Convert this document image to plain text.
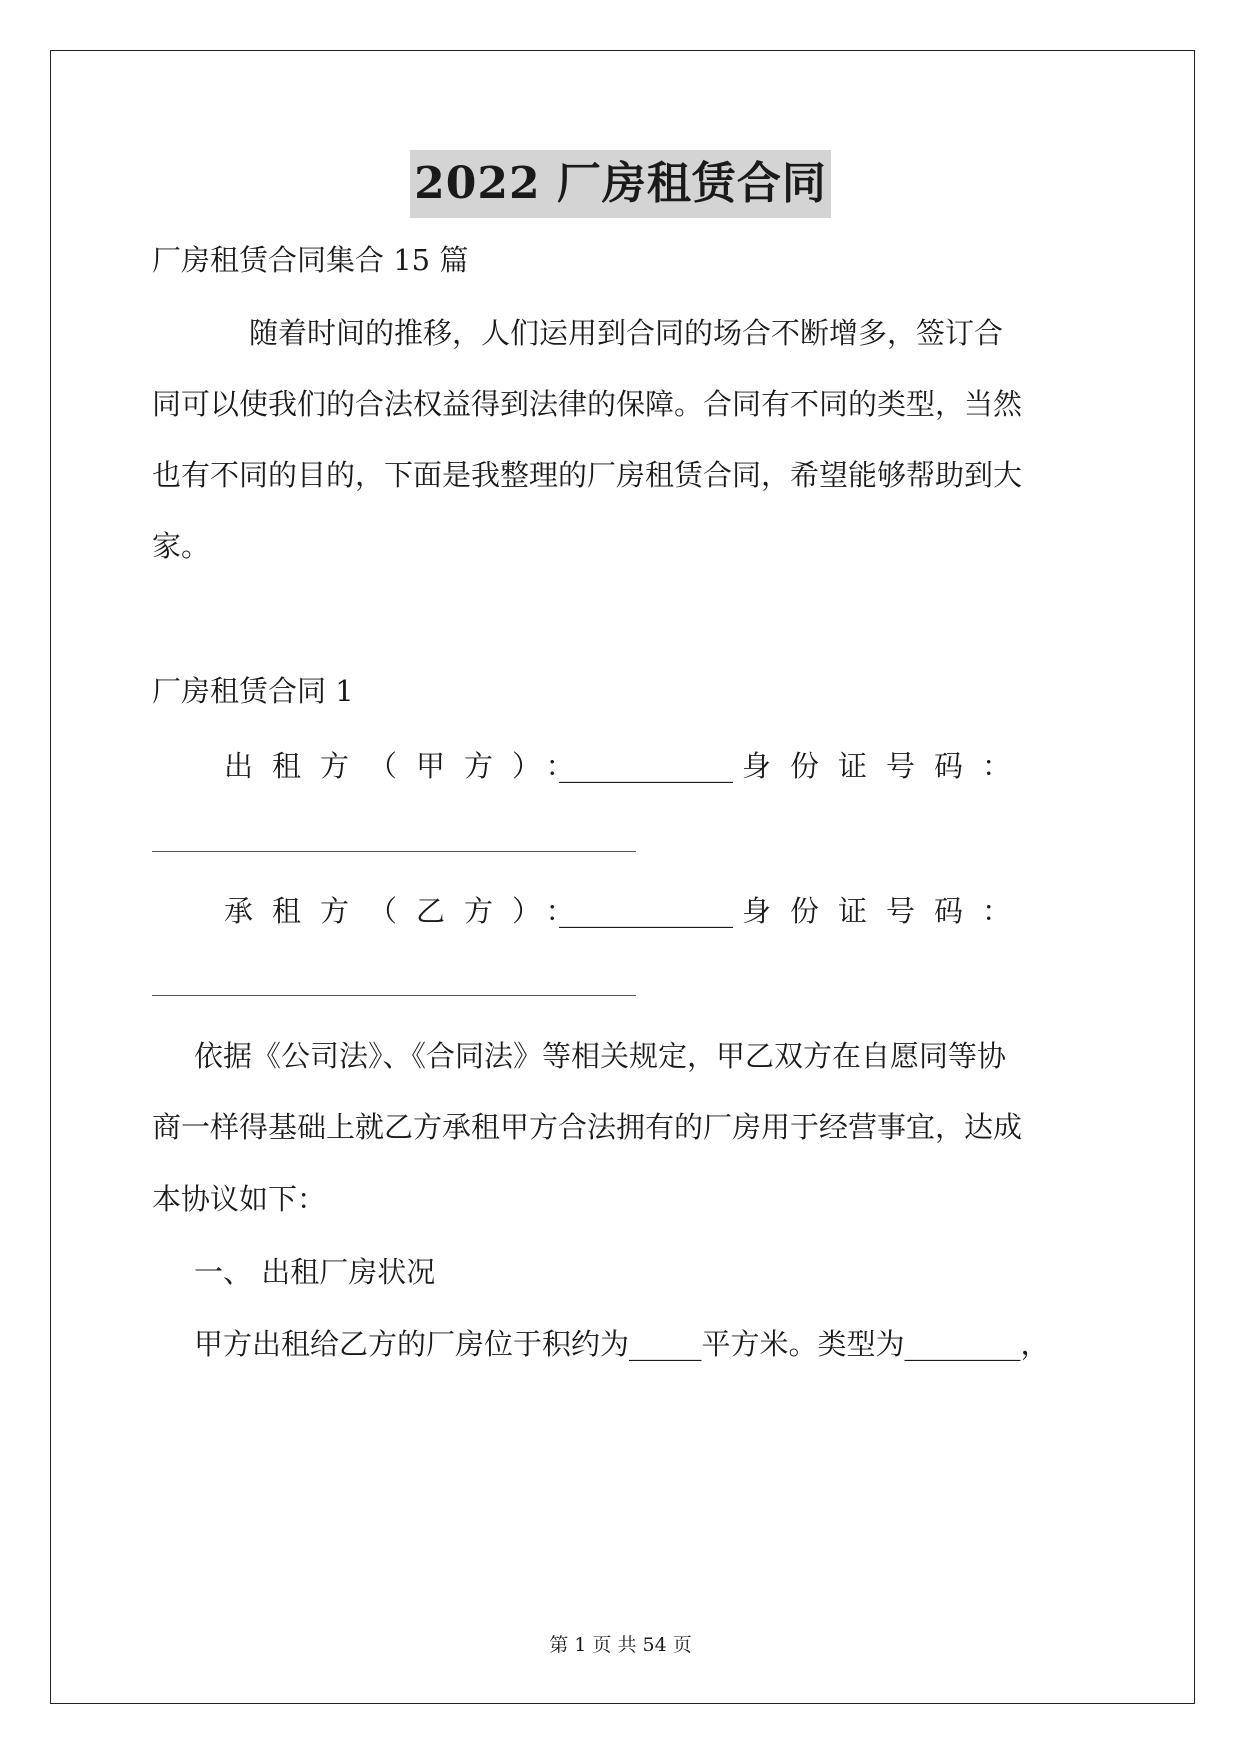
2022 厂房租赁合同
厂房租赁合同集合 15 篇
随着时间的推移，人们运用到合同的场合不断增多，签订合
同可以使我们的合法权益得到法律的保障。合同有不同的类型，当然
也有不同的目的，下面是我整理的厂房租赁合同，希望能够帮助到大
家。
厂房租赁合同 1
出租方（甲方）：
____________ 身份证号码：
承租方（乙方）：
____________ 身份证号码：
依据《公司法》、《合同法》等相关规定，甲乙双方在自愿同等协
商一样得基础上就乙方承租甲方合法拥有的厂房用于经营事宜，达成
本协议如下：
一、 出租厂房状况
甲方出租给乙方的厂房位于积约为_____平方米。类型为________，
第 1 页 共 54 页
